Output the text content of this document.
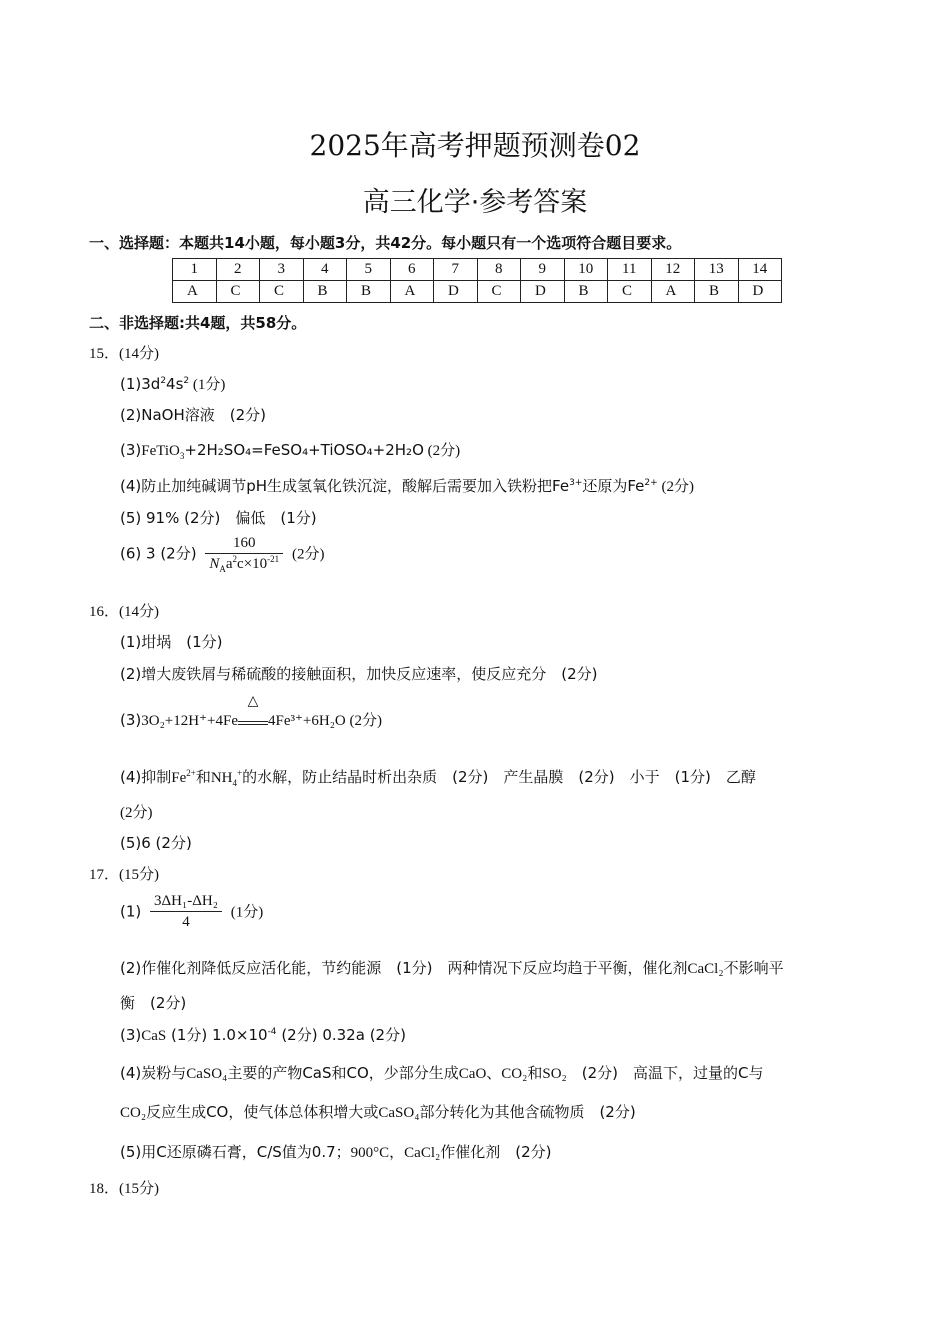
2025年高考押题预测卷02
高三化学·参考答案
一、选择题：本题共14小题，每小题3分，共42分。每小题只有一个选项符合题目要求。
1	2	3	4	5	6	7	8	9	10	11	12	13	14
A	C	C	B	B	A	D	C	D	B	C	A	B	D
二、非选择题:共4题，共58分。
15．(14分)
$(1)3d^24s^2$ (1分)
(2)NaOH溶液　(2分)
(3)FeTiO$_3$+2H₂SO₄=FeSO₄+TiOSO₄+2H₂O (2分)
(4)防止加纯碱调节pH生成氢氧化铁沉淀，酸解后需要加入铁粉把$Fe^{3+}$还原为$Fe^{2+}$ (2分)
(5) 91% (2分)　偏低　(1分)
(6) 3 (2分) $\frac{160}{N_Aa^2c\times 10^{-21}} (2$分)
16．(14分)
(1)坩埚　(1分)
(2)增大废铁屑与稀硫酸的接触面积，加快反应速率，使反应充分　(2分)
(3)3O₂+12H⁺+4Fe
△
4Fe³⁺+6H₂O (2分)
(4)抑制$Fe^{2+}$和$NH_4^+$的水解，防止结晶时析出杂质　(2分)　产生晶膜　(2分)　小于　(1分)　乙醇
(2分)
(5)6 (2分)
17．(15分)
$(1) \frac{\text{3ΔH₁-ΔH₂}}{4} (1$分)
(2)作催化剂降低反应活化能，节约能源　(1分)　两种情况下反应均趋于平衡，催化剂CaCl₂不影响平
衡　(2分)
(3)CaS (1分) $1.0\times 10^{-4}$ (2分) 0.32a (2分)
(4)炭粉与CaSO₄主要的产物CaS和CO，少部分生成CaO、CO₂和SO₂　(2分)　高温下，过量的C与
CO₂反应生成CO，使气体总体积增大或CaSO₄部分转化为其他含硫物质　(2分)
(5)用C还原磷石膏，C/S值为0.7；900°C，CaCl₂作催化剂　(2分)
18．(15分)
